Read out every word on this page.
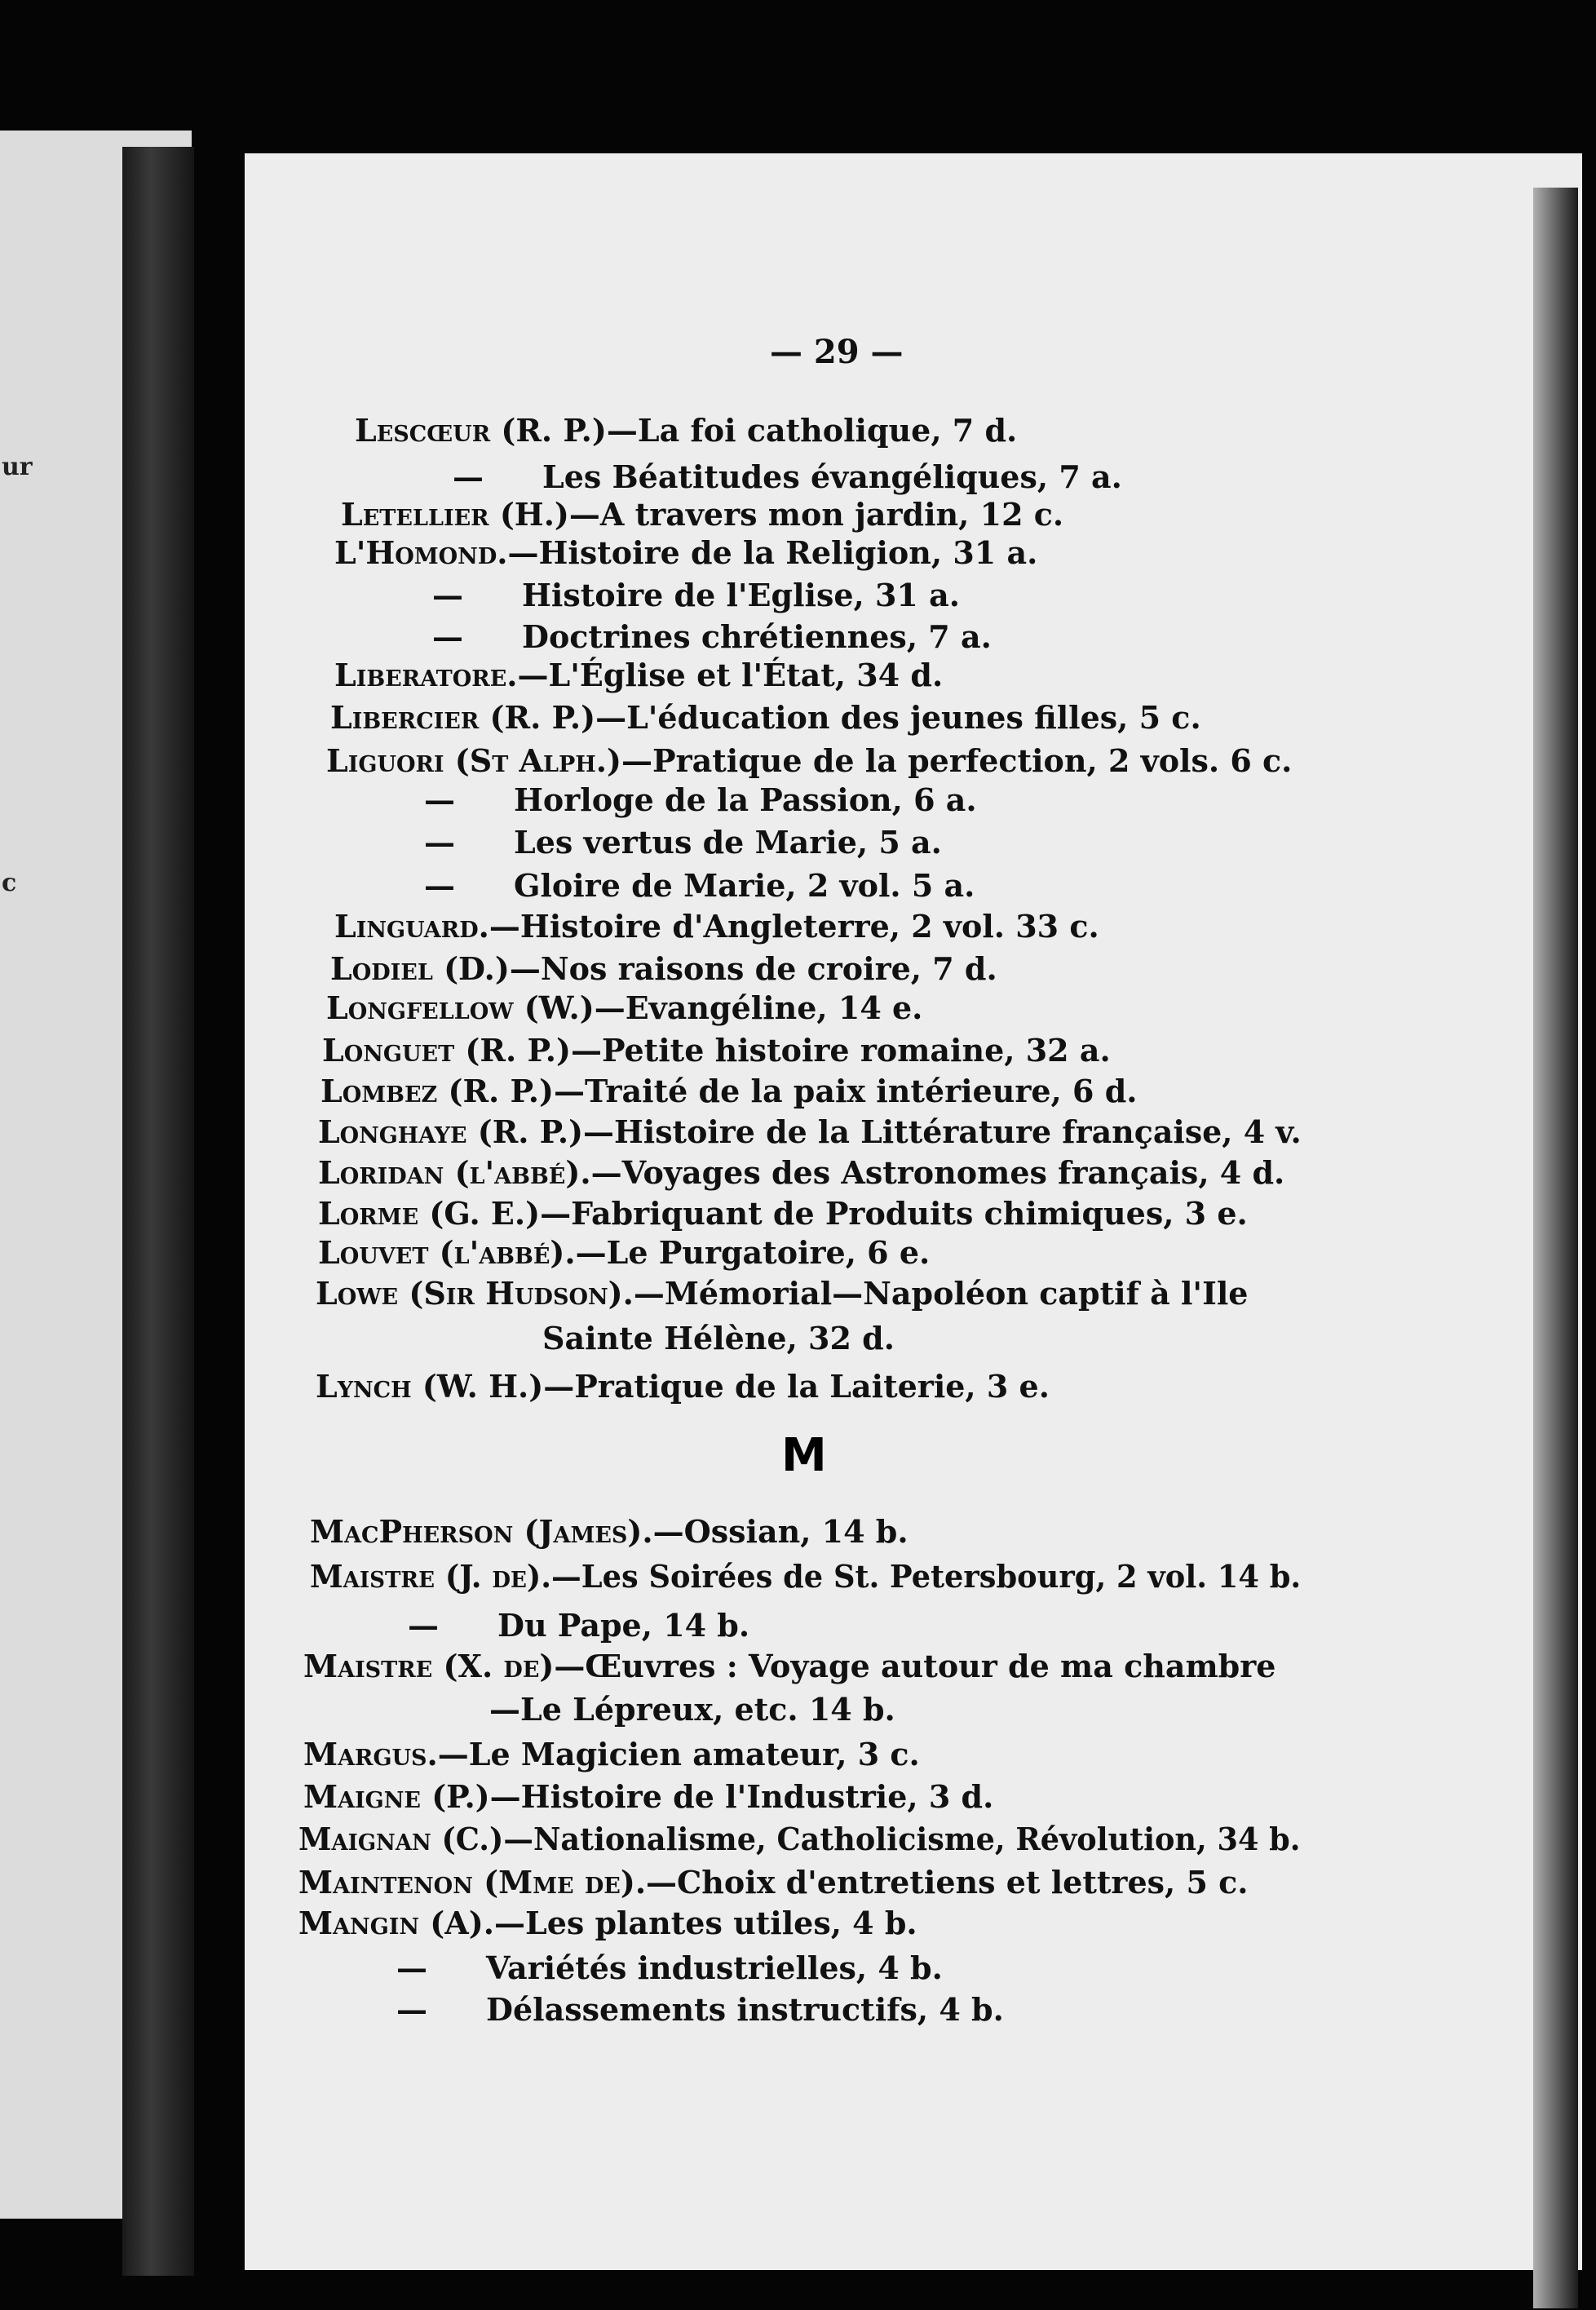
ur
c
— 29 —
Lescœur (R. P.)—La foi catholique, 7 d.
— Les Béatitudes évangéliques, 7 a.
Letellier (H.)—A travers mon jardin, 12 c.
L'Homond.—Histoire de la Religion, 31 a.
— Histoire de l'Eglise, 31 a.
— Doctrines chrétiennes, 7 a.
Liberatore.—L'Église et l'État, 34 d.
Libercier (R. P.)—L'éducation des jeunes filles, 5 c.
Liguori (St Alph.)—Pratique de la perfection, 2 vols. 6 c.
— Horloge de la Passion, 6 a.
— Les vertus de Marie, 5 a.
— Gloire de Marie, 2 vol. 5 a.
Linguard.—Histoire d'Angleterre, 2 vol. 33 c.
Lodiel (D.)—Nos raisons de croire, 7 d.
Longfellow (W.)—Evangéline, 14 e.
Longuet (R. P.)—Petite histoire romaine, 32 a.
Lombez (R. P.)—Traité de la paix intérieure, 6 d.
Longhaye (R. P.)—Histoire de la Littérature française, 4 v.
Loridan (l'abbé).—Voyages des Astronomes français, 4 d.
Lorme (G. E.)—Fabriquant de Produits chimiques, 3 e.
Louvet (l'abbé).—Le Purgatoire, 6 e.
Lowe (Sir Hudson).—Mémorial—Napoléon captif à l'Ile
Sainte Hélène, 32 d.
Lynch (W. H.)—Pratique de la Laiterie, 3 e.
M
MacPherson (James).—Ossian, 14 b.
Maistre (J. de).—Les Soirées de St. Petersbourg, 2 vol. 14 b.
— Du Pape, 14 b.
Maistre (X. de)—Œuvres : Voyage autour de ma chambre
—Le Lépreux, etc. 14 b.
Margus.—Le Magicien amateur, 3 c.
Maigne (P.)—Histoire de l'Industrie, 3 d.
Maignan (C.)—Nationalisme, Catholicisme, Révolution, 34 b.
Maintenon (Mme de).—Choix d'entretiens et lettres, 5 c.
Mangin (A).—Les plantes utiles, 4 b.
— Variétés industrielles, 4 b.
— Délassements instructifs, 4 b.
